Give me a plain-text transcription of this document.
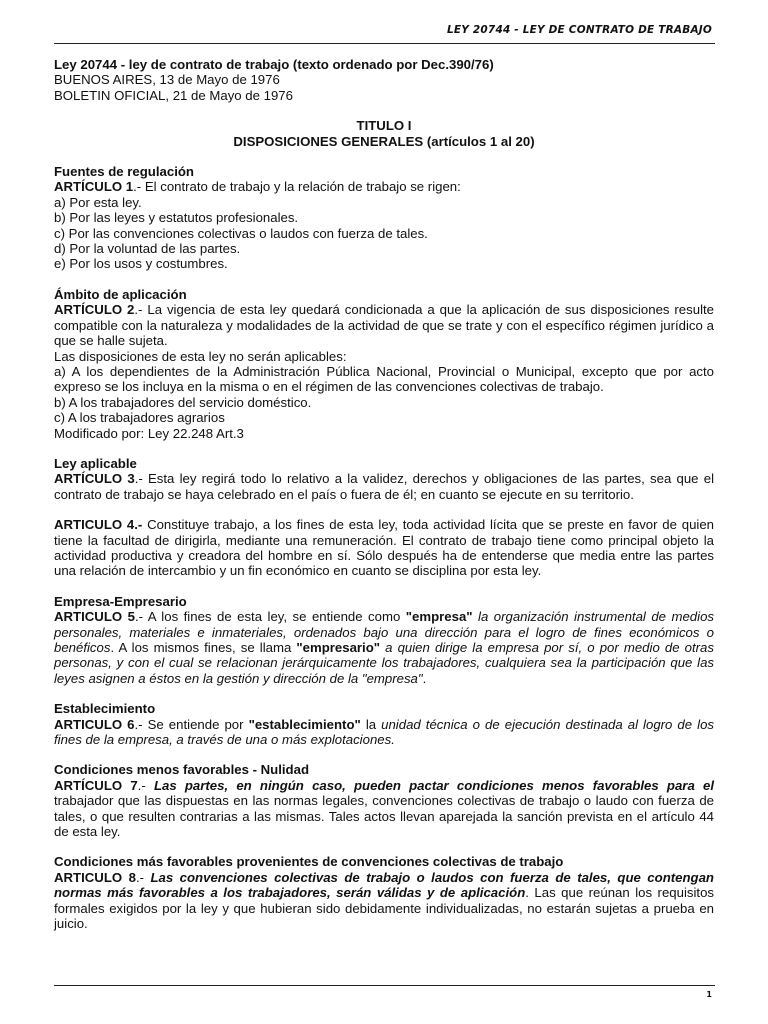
LEY 20744 - LEY DE CONTRATO DE TRABAJO

Ley 20744 - ley de contrato de trabajo (texto ordenado por Dec.390/76)

BUENOS AIRES, 13 de Mayo de 1976

BOLETIN OFICIAL, 21 de Mayo de 1976

TITULO I

DISPOSICIONES GENERALES (artículos 1 al 20)

Fuentes de regulación

ARTÍCULO 1.- El contrato de trabajo y la relación de trabajo se rigen:

a) Por esta ley.

b) Por las leyes y estatutos profesionales.

c) Por las convenciones colectivas o laudos con fuerza de tales.

d) Por la voluntad de las partes.

e) Por los usos y costumbres.

Ámbito de aplicación

ARTÍCULO 2.- La vigencia de esta ley quedará condicionada a que la aplicación de sus disposiciones resulte compatible con la naturaleza y modalidades de la actividad de que se trate y con el específico régimen jurídico a que se halle sujeta.

Las disposiciones de esta ley no serán aplicables:

a) A los dependientes de la Administración Pública Nacional, Provincial o Municipal, excepto que por acto expreso se los incluya en la misma o en el régimen de las convenciones colectivas de trabajo.

b) A los trabajadores del servicio doméstico.

c) A los trabajadores agrarios

Modificado por: Ley 22.248 Art.3

Ley aplicable

ARTÍCULO 3.- Esta ley regirá todo lo relativo a la validez, derechos y obligaciones de las partes, sea que el contrato de trabajo se haya celebrado en el país o fuera de él; en cuanto se ejecute en su territorio.

ARTICULO 4.- Constituye trabajo, a los fines de esta ley, toda actividad lícita que se preste en favor de quien tiene la facultad de dirigirla, mediante una remuneración. El contrato de trabajo tiene como principal objeto la actividad productiva y creadora del hombre en sí. Sólo después ha de entenderse que media entre las partes una relación de intercambio y un fin económico en cuanto se disciplina por esta ley.

Empresa-Empresario

ARTICULO 5.- A los fines de esta ley, se entiende como "empresa" la organización instrumental de medios personales, materiales e inmateriales, ordenados bajo una dirección para el logro de fines económicos o benéficos. A los mismos fines, se llama "empresario" a quien dirige la empresa por sí, o por medio de otras personas, y con el cual se relacionan jerárquicamente los trabajadores, cualquiera sea la participación que las leyes asignen a éstos en la gestión y dirección de la "empresa".

Establecimiento

ARTICULO 6.- Se entiende por "establecimiento" la unidad técnica o de ejecución destinada al logro de los fines de la empresa, a través de una o más explotaciones.

Condiciones menos favorables - Nulidad

ARTÍCULO 7.- Las partes, en ningún caso, pueden pactar condiciones menos favorables para el trabajador que las dispuestas en las normas legales, convenciones colectivas de trabajo o laudo con fuerza de tales, o que resulten contrarias a las mismas. Tales actos llevan aparejada la sanción prevista en el artículo 44 de esta ley.

Condiciones más favorables provenientes de convenciones colectivas de trabajo

ARTICULO 8.- Las convenciones colectivas de trabajo o laudos con fuerza de tales, que contengan normas más favorables a los trabajadores, serán válidas y de aplicación. Las que reúnan los requisitos formales exigidos por la ley y que hubieran sido debidamente individualizadas, no estarán sujetas a prueba en juicio.

1
